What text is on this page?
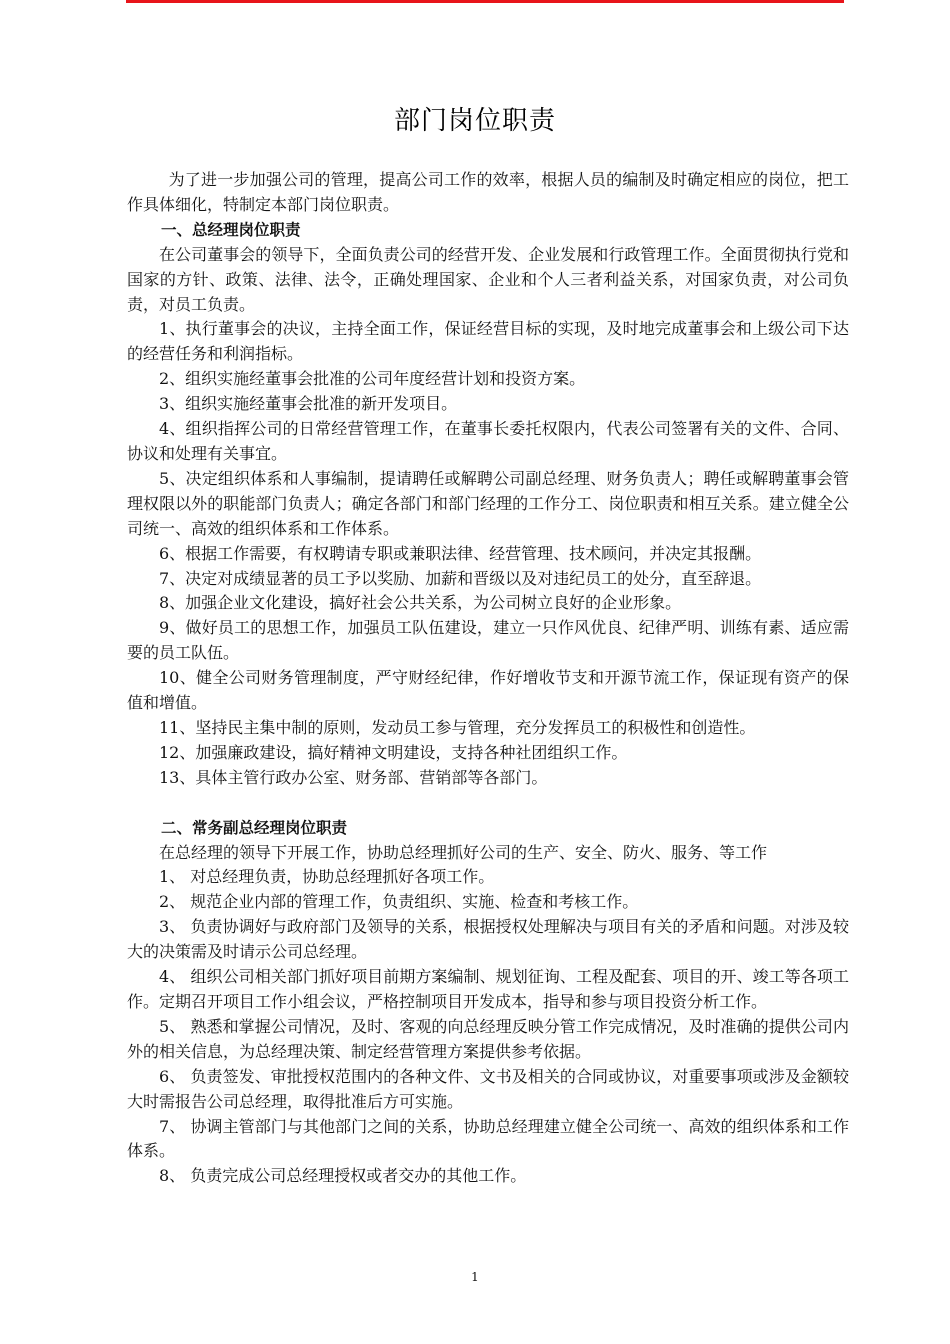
部门岗位职责

为了进一步加强公司的管理，提高公司工作的效率，根据人员的编制及时确定相应的岗位，把工作具体细化，特制定本部门岗位职责。

一、总经理岗位职责

在公司董事会的领导下，全面负责公司的经营开发、企业发展和行政管理工作。全面贯彻执行党和国家的方针、政策、法律、法令，正确处理国家、企业和个人三者利益关系，对国家负责，对公司负责，对员工负责。

1、执行董事会的决议，主持全面工作，保证经营目标的实现，及时地完成董事会和上级公司下达的经营任务和利润指标。

2、组织实施经董事会批准的公司年度经营计划和投资方案。

3、组织实施经董事会批准的新开发项目。

4、组织指挥公司的日常经营管理工作，在董事长委托权限内，代表公司签署有关的文件、合同、协议和处理有关事宜。

5、决定组织体系和人事编制，提请聘任或解聘公司副总经理、财务负责人；聘任或解聘董事会管理权限以外的职能部门负责人；确定各部门和部门经理的工作分工、岗位职责和相互关系。建立健全公司统一、高效的组织体系和工作体系。

6、根据工作需要，有权聘请专职或兼职法律、经营管理、技术顾问，并决定其报酬。

7、决定对成绩显著的员工予以奖励、加薪和晋级以及对违纪员工的处分，直至辞退。

8、加强企业文化建设，搞好社会公共关系，为公司树立良好的企业形象。

9、做好员工的思想工作，加强员工队伍建设，建立一只作风优良、纪律严明、训练有素、适应需要的员工队伍。

10、健全公司财务管理制度，严守财经纪律，作好增收节支和开源节流工作，保证现有资产的保值和增值。

11、坚持民主集中制的原则，发动员工参与管理，充分发挥员工的积极性和创造性。

12、加强廉政建设，搞好精神文明建设，支持各种社团组织工作。

13、具体主管行政办公室、财务部、营销部等各部门。

二、常务副总经理岗位职责

在总经理的领导下开展工作，协助总经理抓好公司的生产、安全、防火、服务、等工作

1、 对总经理负责，协助总经理抓好各项工作。

2、 规范企业内部的管理工作，负责组织、实施、检查和考核工作。

3、 负责协调好与政府部门及领导的关系，根据授权处理解决与项目有关的矛盾和问题。对涉及较大的决策需及时请示公司总经理。

4、 组织公司相关部门抓好项目前期方案编制、规划征询、工程及配套、项目的开、竣工等各项工作。定期召开项目工作小组会议，严格控制项目开发成本，指导和参与项目投资分析工作。

5、 熟悉和掌握公司情况，及时、客观的向总经理反映分管工作完成情况，及时准确的提供公司内外的相关信息，为总经理决策、制定经营管理方案提供参考依据。

6、 负责签发、审批授权范围内的各种文件、文书及相关的合同或协议，对重要事项或涉及金额较大时需报告公司总经理，取得批准后方可实施。

7、 协调主管部门与其他部门之间的关系，协助总经理建立健全公司统一、高效的组织体系和工作体系。

8、 负责完成公司总经理授权或者交办的其他工作。

1
